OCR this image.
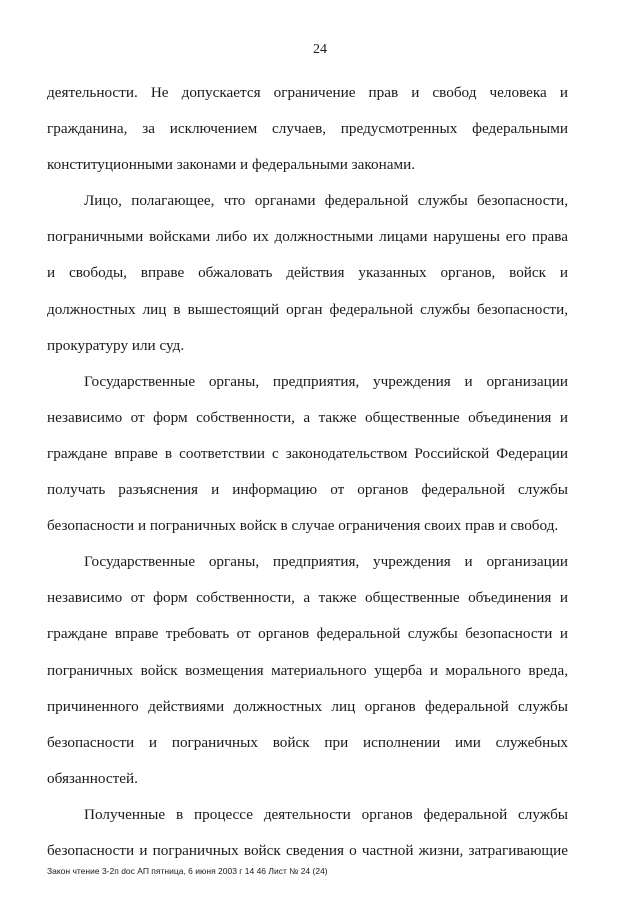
24
деятельности. Не допускается ограничение прав и свобод человека и
гражданина, за исключением случаев, предусмотренных федеральными
конституционными законами и федеральными законами.
Лицо, полагающее, что органами федеральной службы безопасности,
пограничными войсками либо их должностными лицами нарушены его права
и свободы, вправе обжаловать действия указанных органов, войск и
должностных лиц в вышестоящий орган федеральной службы безопасности,
прокуратуру или суд.
Государственные органы, предприятия, учреждения и организации
независимо от форм собственности, а также общественные объединения и
граждане вправе в соответствии с законодательством Российской Федерации
получать разъяснения и информацию от органов федеральной службы
безопасности и пограничных войск в случае ограничения своих прав и свобод.
Государственные органы, предприятия, учреждения и организации
независимо от форм собственности, а также общественные объединения и
граждане вправе требовать от органов федеральной службы безопасности и
пограничных войск возмещения материального ущерба и морального вреда,
причиненного действиями должностных лиц органов федеральной службы
безопасности и пограничных войск при исполнении ими служебных
обязанностей.
Полученные в процессе деятельности органов федеральной службы
безопасности и пограничных войск сведения о частной жизни, затрагивающие
Закон чтение 3-2п doc АП пятница, 6 июня 2003 г 14 46 Лист № 24 (24)
